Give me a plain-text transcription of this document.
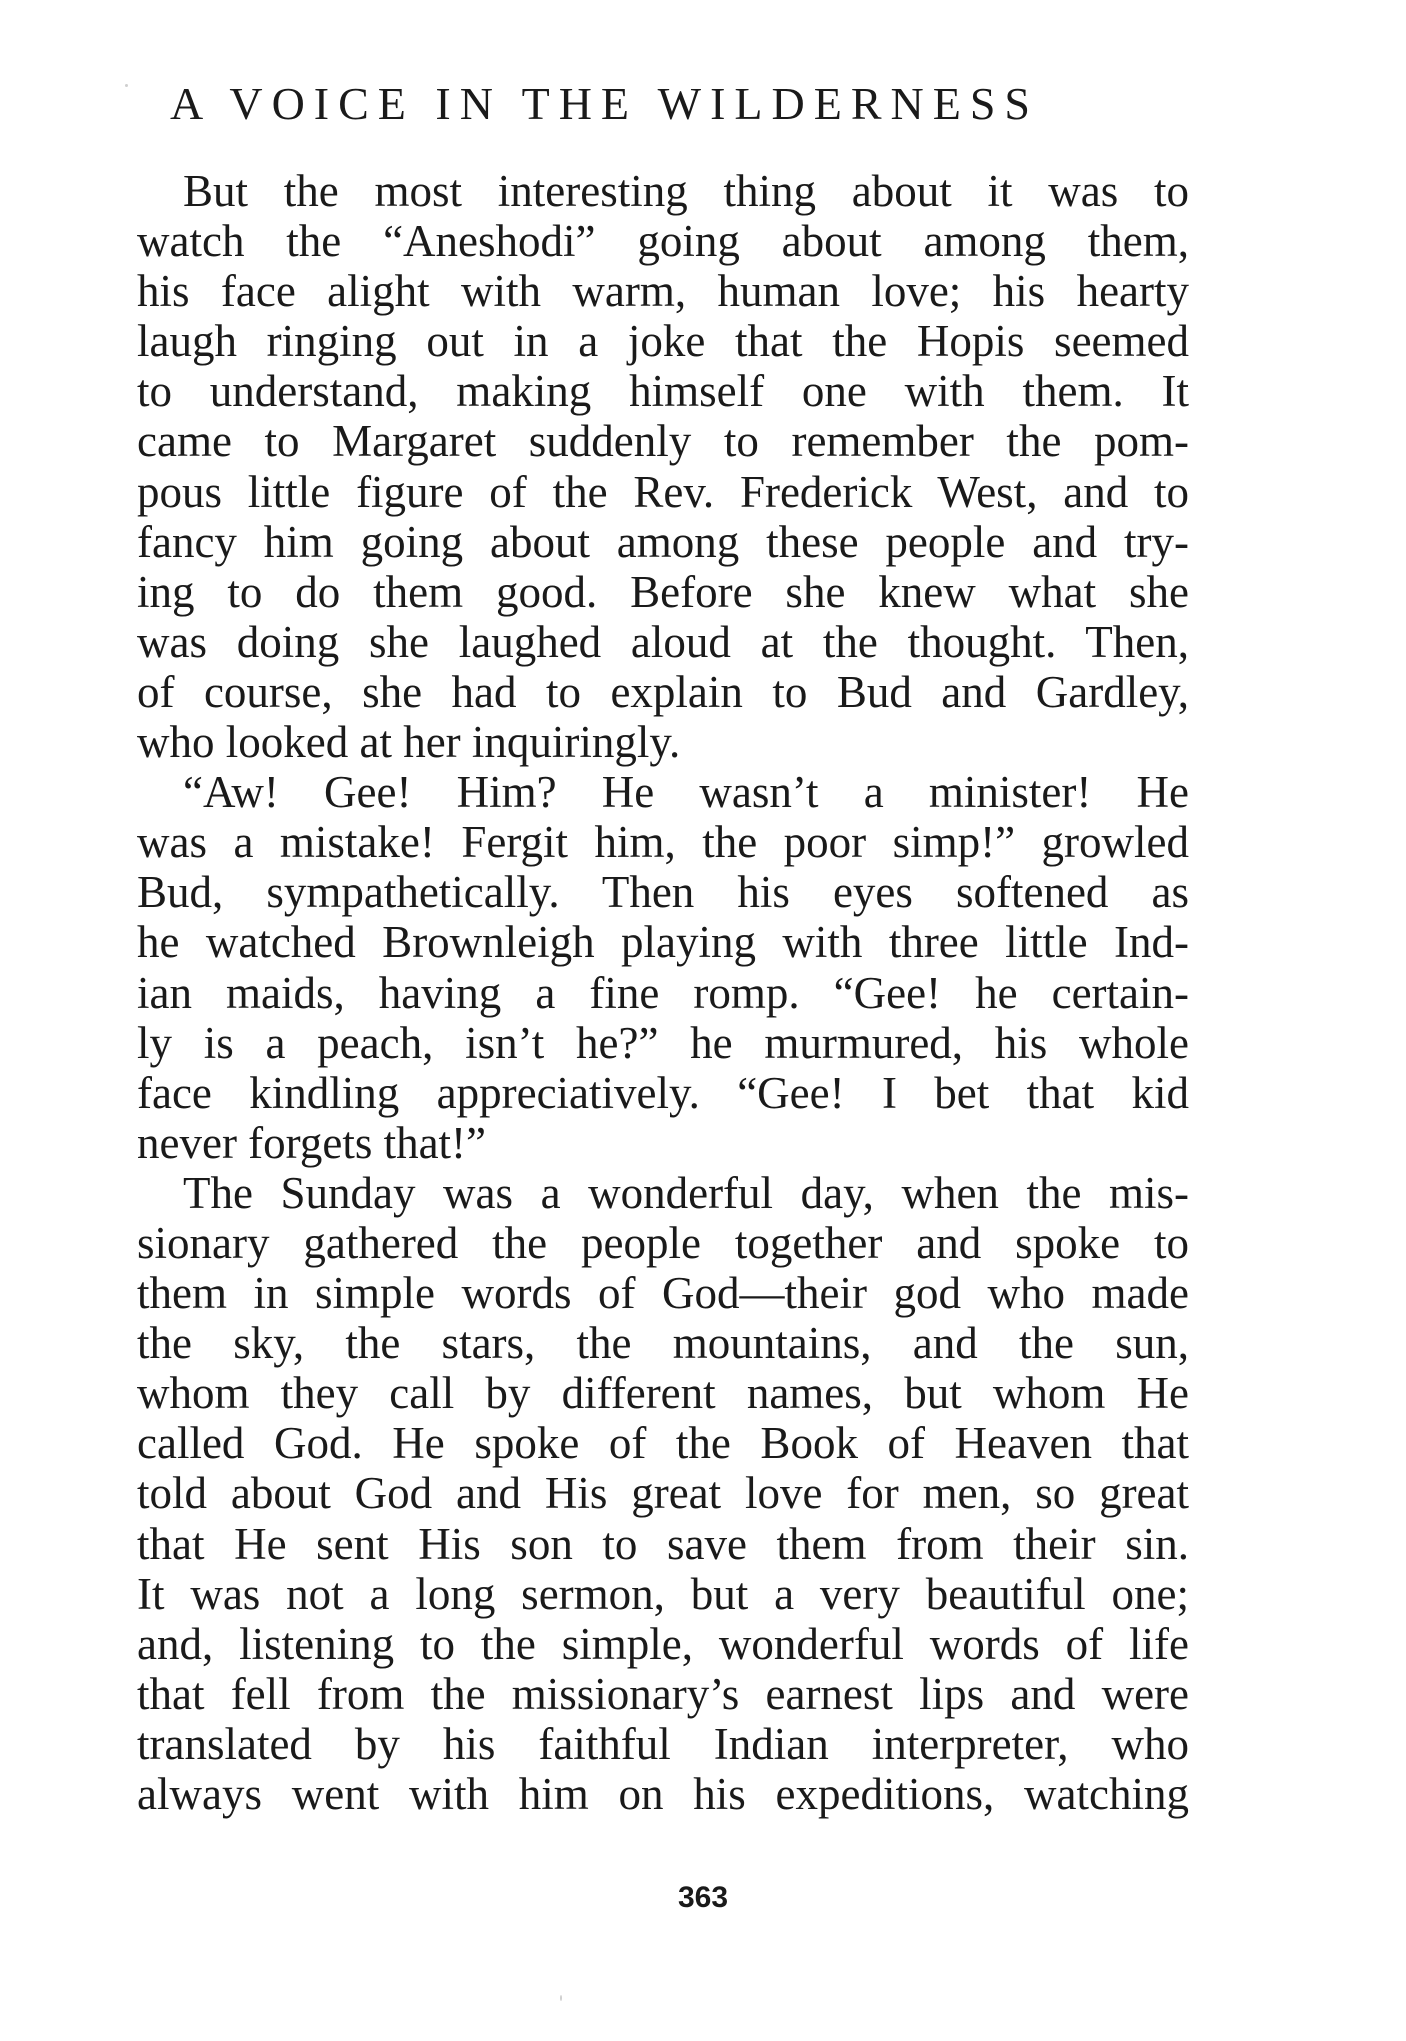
A VOICE IN THE WILDERNESS
But the most interesting thing about it was to
watch the “Aneshodi” going about among them,
his face alight with warm, human love; his hearty
laugh ringing out in a joke that the Hopis seemed
to understand, making himself one with them. It
came to Margaret suddenly to remember the pom-
pous little figure of the Rev. Frederick West, and to
fancy him going about among these people and try-
ing to do them good. Before she knew what she
was doing she laughed aloud at the thought. Then,
of course, she had to explain to Bud and Gardley,
who looked at her inquiringly.
“Aw! Gee! Him? He wasn’t a minister! He
was a mistake! Fergit him, the poor simp!” growled
Bud, sympathetically. Then his eyes softened as
he watched Brownleigh playing with three little Ind-
ian maids, having a fine romp. “Gee! he certain-
ly is a peach, isn’t he?” he murmured, his whole
face kindling appreciatively. “Gee! I bet that kid
never forgets that!”
The Sunday was a wonderful day, when the mis-
sionary gathered the people together and spoke to
them in simple words of God—their god who made
the sky, the stars, the mountains, and the sun,
whom they call by different names, but whom He
called God. He spoke of the Book of Heaven that
told about God and His great love for men, so great
that He sent His son to save them from their sin.
It was not a long sermon, but a very beautiful one;
and, listening to the simple, wonderful words of life
that fell from the missionary’s earnest lips and were
translated by his faithful Indian interpreter, who
always went with him on his expeditions, watching
363
